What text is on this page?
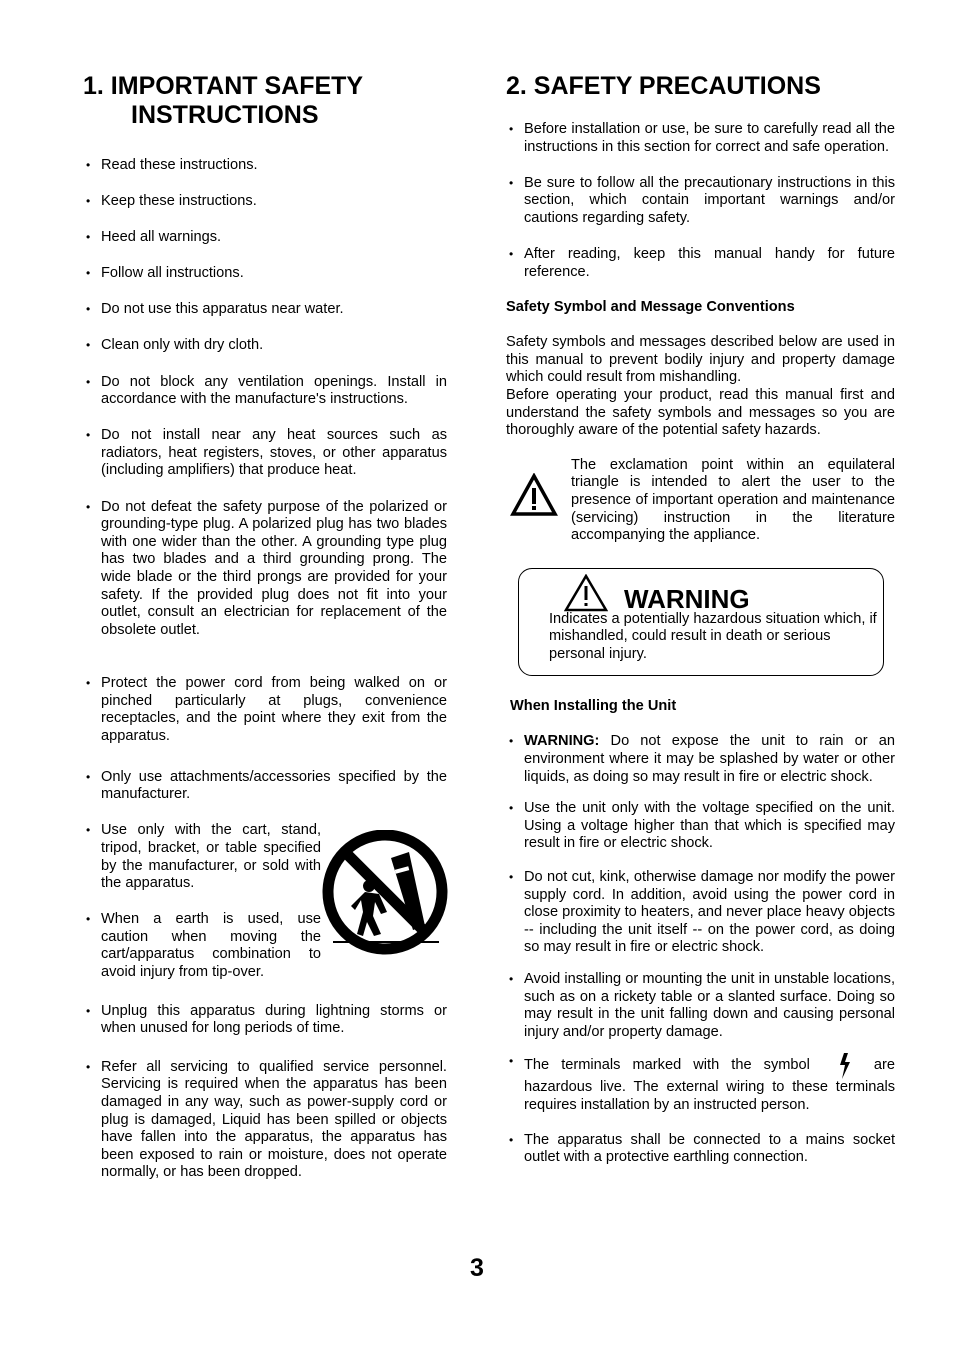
1. IMPORTANT SAFETY INSTRUCTIONS
• Read these instructions.
• Keep these instructions.
• Heed all warnings.
• Follow all instructions.
• Do not use this apparatus near water.
• Clean only with dry cloth.
• Do not block any ventilation openings. Install in accordance with the manufacture's instructions.
• Do not install near any heat sources such as radiators, heat registers, stoves, or other apparatus (including amplifiers) that produce heat.
• Do not defeat the safety purpose of the polarized or grounding-type plug. A polarized plug has two blades with one wider than the other. A grounding type plug has two blades and a third grounding prong. The wide blade or the third prongs are provided for your safety. If the provided plug does not fit into your outlet, consult an electrician for replacement of the obsolete outlet.
• Protect the power cord from being walked on or pinched particularly at plugs, convenience receptacles, and the point where they exit from the apparatus.
• Only use attachments/accessories specified by the manufacturer.
• Use only with the cart, stand, tripod, bracket, or table specified by the manufacturer, or sold with the apparatus.
• When a earth is used, use caution when moving the cart/apparatus combination to avoid injury from tip-over.
• Unplug this apparatus during lightning storms or when unused for long periods of time.
• Refer all servicing to qualified service personnel. Servicing is required when the apparatus has been damaged in any way, such as power-supply cord or plug is damaged, Liquid has been spilled or objects have fallen into the apparatus, the apparatus has been exposed to rain or moisture, does not operate normally, or has been dropped.
2. SAFETY PRECAUTIONS
• Before installation or use, be sure to carefully read all the instructions in this section for correct and safe operation.
• Be sure to follow all the precautionary instructions in this section, which contain important warnings and/or cautions regarding safety.
• After reading, keep this manual handy for future reference.
Safety Symbol and Message Conventions
Safety symbols and messages described below are used in this manual to prevent bodily injury and property damage which could result from mishandling.
Before operating your product, read this manual first and understand the safety symbols and messages so you are thoroughly aware of the potential safety hazards.
The exclamation point within an equilateral triangle is intended to alert the user to the presence of important operation and maintenance (servicing) instruction in the literature accompanying the appliance.
WARNING
Indicates a potentially hazardous situation which, if mishandled, could result in death or serious personal injury.
When Installing the Unit
• WARNING: Do not expose the unit to rain or an environment where it may be splashed by water or other liquids, as doing so may result in fire or electric shock.
• Use the unit only with the voltage specified on the unit. Using a voltage higher than that which is specified may result in fire or electric shock.
• Do not cut, kink, otherwise damage nor modify the power supply cord. In addition, avoid using the power cord in close proximity to heaters, and never place heavy objects -- including the unit itself -- on the power cord, as doing so may result in fire or electric shock.
• Avoid installing or mounting the unit in unstable locations, such as on a rickety table or a slanted surface. Doing so may result in the unit falling down and causing personal injury and/or property damage.
• The terminals marked with the symbol	are hazardous live. The external wiring to these terminals requires installation by an instructed person.
• The apparatus shall be connected to a mains socket outlet with a protective earthling connection.
3
